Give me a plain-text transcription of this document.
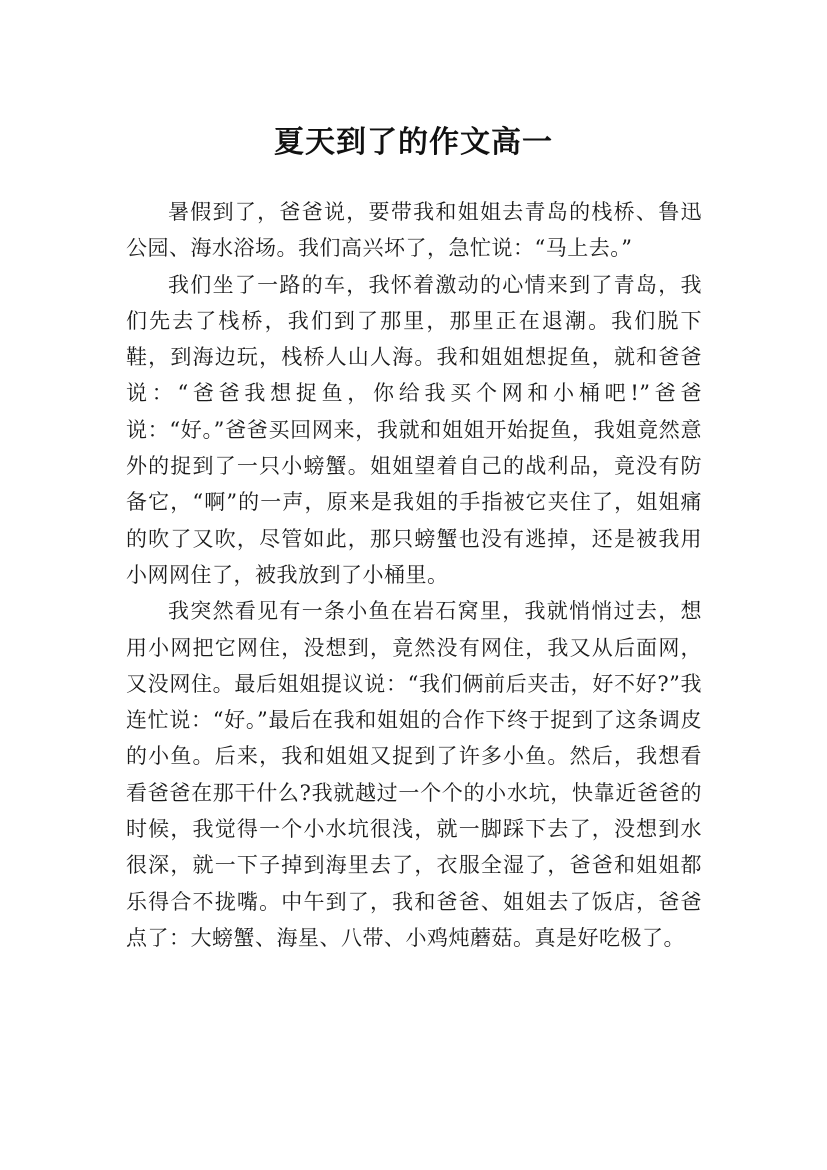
夏天到了的作文高一

暑假到了，爸爸说，要带我和姐姐去青岛的栈桥、鲁迅公园、海水浴场。我们高兴坏了，急忙说：“马上去。”

我们坐了一路的车，我怀着激动的心情来到了青岛，我们先去了栈桥，我们到了那里，那里正在退潮。我们脱下鞋，到海边玩，栈桥人山人海。我和姐姐想捉鱼，就和爸爸说：“爸爸我想捉鱼，你给我买个网和小桶吧!”爸爸说：“好。”爸爸买回网来，我就和姐姐开始捉鱼，我姐竟然意外的捉到了一只小螃蟹。姐姐望着自己的战利品，竟没有防备它，“啊”的一声，原来是我姐的手指被它夹住了，姐姐痛的吹了又吹，尽管如此，那只螃蟹也没有逃掉，还是被我用小网网住了，被我放到了小桶里。

我突然看见有一条小鱼在岩石窝里，我就悄悄过去，想用小网把它网住，没想到，竟然没有网住，我又从后面网，又没网住。最后姐姐提议说：“我们俩前后夹击，好不好?”我连忙说：“好。”最后在我和姐姐的合作下终于捉到了这条调皮的小鱼。后来，我和姐姐又捉到了许多小鱼。然后，我想看看爸爸在那干什么?我就越过一个个的小水坑，快靠近爸爸的时候，我觉得一个小水坑很浅，就一脚踩下去了，没想到水很深，就一下子掉到海里去了，衣服全湿了，爸爸和姐姐都乐得合不拢嘴。中午到了，我和爸爸、姐姐去了饭店，爸爸点了：大螃蟹、海星、八带、小鸡炖蘑菇。真是好吃极了。
